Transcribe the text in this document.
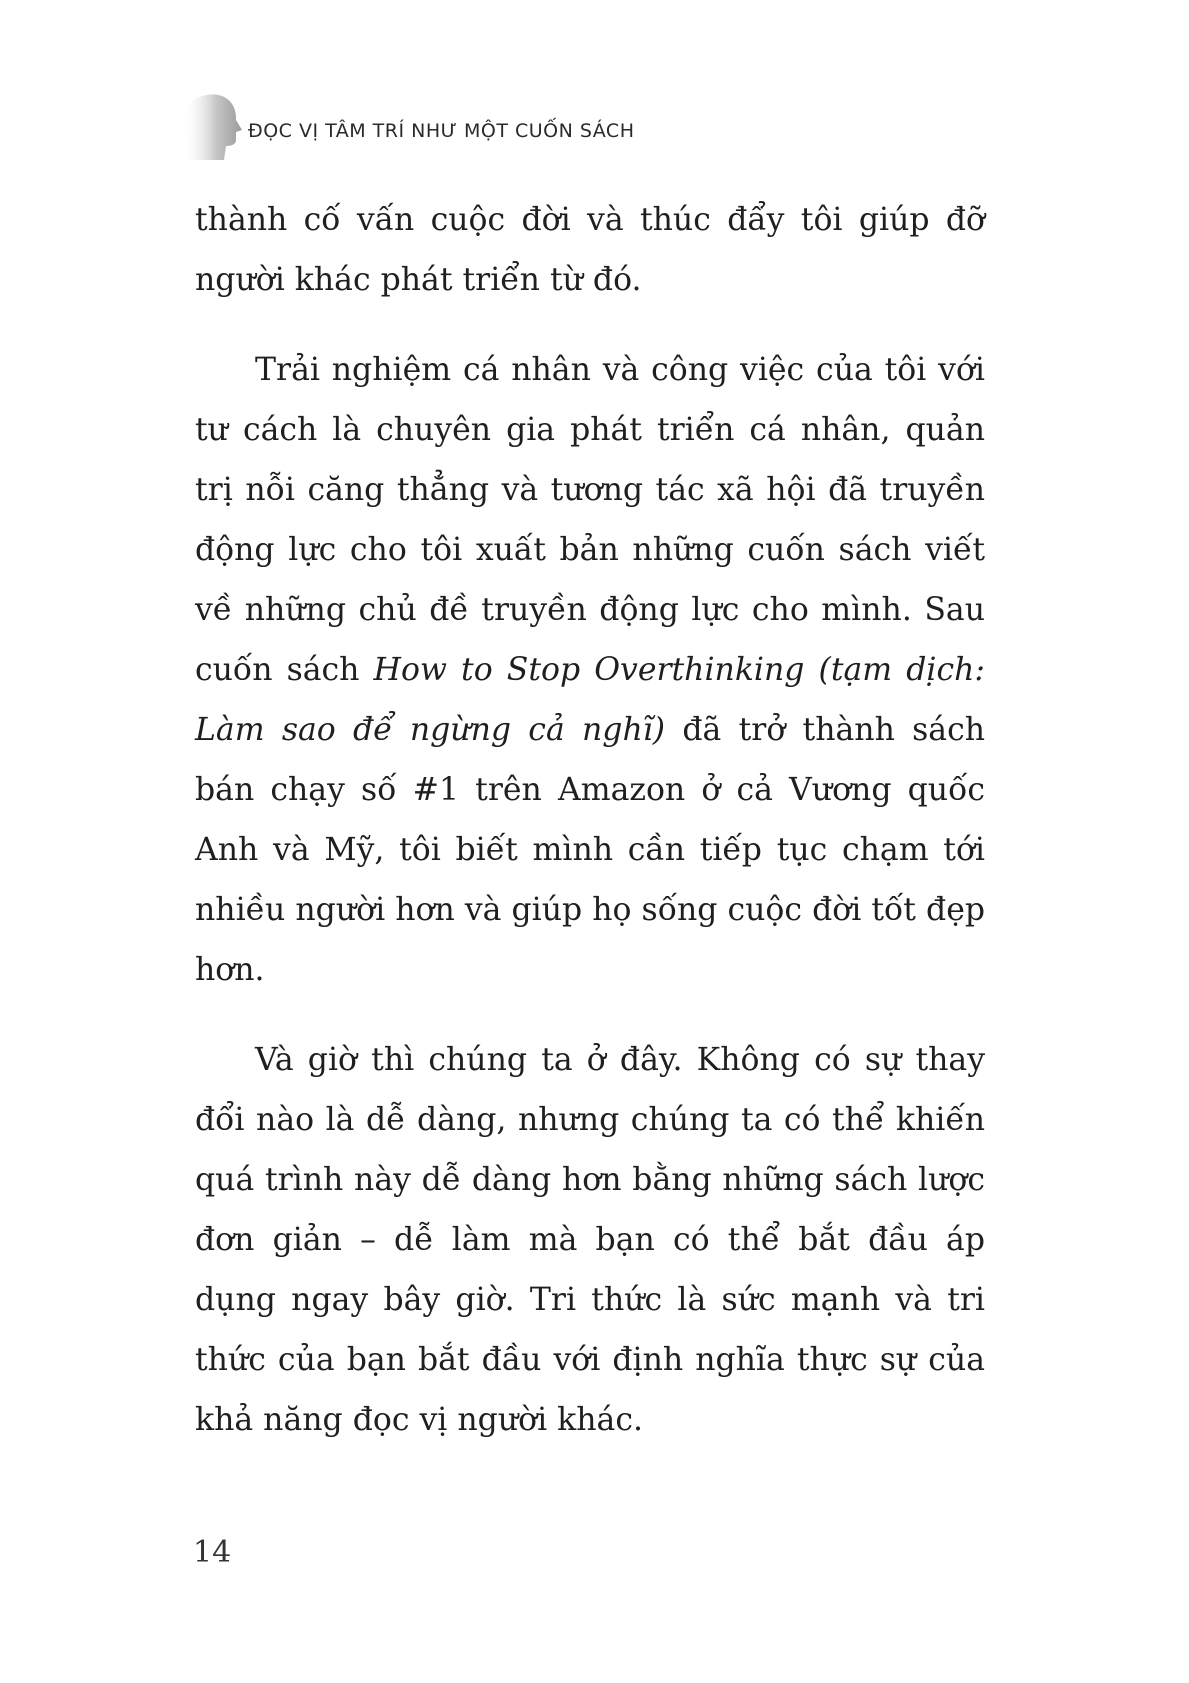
ĐỌC VỊ TÂM TRÍ NHƯ MỘT CUỐN SÁCH

thành cố vấn cuộc đời và thúc đẩy tôi giúp đỡ người khác phát triển từ đó.

Trải nghiệm cá nhân và công việc của tôi với tư cách là chuyên gia phát triển cá nhân, quản trị nỗi căng thẳng và tương tác xã hội đã truyền động lực cho tôi xuất bản những cuốn sách viết về những chủ đề truyền động lực cho mình. Sau cuốn sách How to Stop Overthinking (tạm dịch: Làm sao để ngừng cả nghĩ) đã trở thành sách bán chạy số #1 trên Amazon ở cả Vương quốc Anh và Mỹ, tôi biết mình cần tiếp tục chạm tới nhiều người hơn và giúp họ sống cuộc đời tốt đẹp hơn.

Và giờ thì chúng ta ở đây. Không có sự thay đổi nào là dễ dàng, nhưng chúng ta có thể khiến quá trình này dễ dàng hơn bằng những sách lược đơn giản – dễ làm mà bạn có thể bắt đầu áp dụng ngay bây giờ. Tri thức là sức mạnh và tri thức của bạn bắt đầu với định nghĩa thực sự của khả năng đọc vị người khác.

14
